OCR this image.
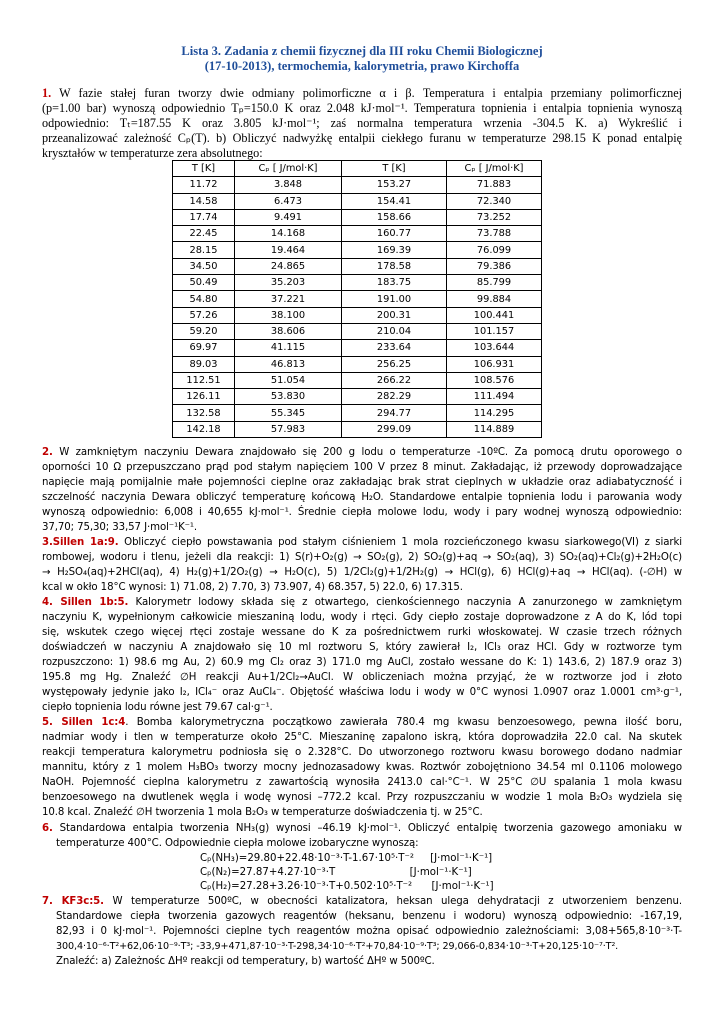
Lista 3. Zadania z chemii fizycznej dla III roku Chemii Biologicznej
(17-10-2013), termochemia, kalorymetria, prawo Kirchoffa
1. W fazie stałej furan tworzy dwie odmiany polimorficzne α i β. Temperatura i entalpia przemiany polimorficznej
(p=1.00 bar) wynoszą odpowiednio Tₚ=150.0 K oraz 2.048 kJ·mol⁻¹. Temperatura topnienia i entalpia topnienia wynoszą
odpowiednio: Tₜ=187.55 K oraz 3.805 kJ·mol⁻¹; zaś normalna temperatura wrzenia -304.5 K. a) Wykreślić i
przeanalizować zależność Cₚ(T). b) Obliczyć nadwyżkę entalpii ciekłego furanu w temperaturze 298.15 K ponad entalpię
kryształów w temperaturze zera absolutnego:
T [K]	Cₚ [ J/mol·K]	T [K]	Cₚ [ J/mol·K]
11.72	3.848	153.27	71.883
14.58	6.473	154.41	72.340
17.74	9.491	158.66	73.252
22.45	14.168	160.77	73.788
28.15	19.464	169.39	76.099
34.50	24.865	178.58	79.386
50.49	35.203	183.75	85.799
54.80	37.221	191.00	99.884
57.26	38.100	200.31	100.441
59.20	38.606	210.04	101.157
69.97	41.115	233.64	103.644
89.03	46.813	256.25	106.931
112.51	51.054	266.22	108.576
126.11	53.830	282.29	111.494
132.58	55.345	294.77	114.295
142.18	57.983	299.09	114.889
2. W zamkniętym naczyniu Dewara znajdowało się 200 g lodu o temperaturze -10ºC. Za pomocą drutu oporowego o
oporności 10 Ω przepuszczano prąd pod stałym napięciem 100 V przez 8 minut. Zakładając, iż przewody doprowadzające
napięcie mają pomijalnie małe pojemności cieplne oraz zakładając brak strat cieplnych w układzie oraz adiabatyczność i
szczelność naczynia Dewara obliczyć temperaturę końcową H₂O. Standardowe entalpie topnienia lodu i parowania wody
wynoszą odpowiednio: 6,008 i 40,655 kJ·mol⁻¹. Średnie ciepła molowe lodu, wody i pary wodnej wynoszą odpowiednio:
37,70; 75,30; 33,57 J·mol⁻¹K⁻¹.
3.Sillen 1a:9. Obliczyć ciepło powstawania pod stałym ciśnieniem 1 mola rozcieńczonego kwasu siarkowego(VI) z siarki
rombowej, wodoru i tlenu, jeżeli dla reakcji: 1) S(r)+O₂(g) → SO₂(g), 2) SO₂(g)+aq → SO₂(aq), 3) SO₂(aq)+Cl₂(g)+2H₂O(c)
→ H₂SO₄(aq)+2HCl(aq), 4) H₂(g)+1/2O₂(g) → H₂O(c), 5) 1/2Cl₂(g)+1/2H₂(g) → HCl(g), 6) HCl(g)+aq → HCl(aq). (-∅H) w
kcal w okło 18°C wynosi: 1) 71.08, 2) 7.70, 3) 73.907, 4) 68.357, 5) 22.0, 6) 17.315.
4. Sillen 1b:5. Kalorymetr lodowy składa się z otwartego, cienkościennego naczynia A zanurzonego w zamkniętym
naczyniu K, wypełnionym całkowicie mieszaniną lodu, wody i rtęci. Gdy ciepło zostaje doprowadzone z A do K, lód topi
się, wskutek czego więcej rtęci zostaje wessane do K za pośrednictwem rurki włoskowatej. W czasie trzech różnych
doświadczeń w naczyniu A znajdowało się 10 ml roztworu S, który zawierał I₂, ICl₃ oraz HCl. Gdy w roztworze tym
rozpuszczono: 1) 98.6 mg Au, 2) 60.9 mg Cl₂ oraz 3) 171.0 mg AuCl, zostało wessane do K: 1) 143.6, 2) 187.9 oraz 3)
195.8 mg Hg. Znaleźć ∅H reakcji Au+1/2Cl₂→AuCl. W obliczeniach można przyjąć, że w roztworze jod i złoto
występowały jedynie jako I₂, ICl₄⁻ oraz AuCl₄⁻. Objętość właściwa lodu i wody w 0°C wynosi 1.0907 oraz 1.0001 cm³·g⁻¹,
ciepło topnienia lodu równe jest 79.67 cal·g⁻¹.
5. Sillen 1c:4. Bomba kalorymetryczna początkowo zawierała 780.4 mg kwasu benzoesowego, pewna ilość boru,
nadmiar wody i tlen w temperaturze około 25°C. Mieszaninę zapalono iskrą, która doprowadziła 22.0 cal. Na skutek
reakcji temperatura kalorymetru podniosła się o 2.328°C. Do utworzonego roztworu kwasu borowego dodano nadmiar
mannitu, który z 1 molem H₃BO₃ tworzy mocny jednozasadowy kwas. Roztwór zobojętniono 34.54 ml 0.1106 molowego
NaOH. Pojemność cieplna kalorymetru z zawartością wynosiła 2413.0 cal·°C⁻¹. W 25°C ∅U spalania 1 mola kwasu
benzoesowego na dwutlenek węgla i wodę wynosi –772.2 kcal. Przy rozpuszczaniu w wodzie 1 mola B₂O₃ wydziela się
10.8 kcal. Znaleźć ∅H tworzenia 1 mola B₂O₃ w temperaturze doświadczenia tj. w 25°C.
6. Standardowa entalpia tworzenia NH₃(g) wynosi –46.19 kJ·mol⁻¹. Obliczyć entalpię tworzenia gazowego amoniaku w
temperaturze 400°C. Odpowiednie ciepła molowe izobaryczne wynoszą:
Cₚ(NH₃)=29.80+22.48·10⁻³·T-1.67·10⁵·T⁻²     [J·mol⁻¹·K⁻¹]
Cₚ(N₂)=27.87+4.27·10⁻³·T                       [J·mol⁻¹·K⁻¹]
Cₚ(H₂)=27.28+3.26·10⁻³·T+0.502·10⁵·T⁻²      [J·mol⁻¹·K⁻¹]
7. KF3c:5. W temperaturze 500ºC, w obecności katalizatora, heksan ulega dehydratacji z utworzeniem benzenu.
Standardowe ciepła tworzenia gazowych reagentów (heksanu, benzenu i wodoru) wynoszą odpowiednio: -167,19,
82,93 i 0 kJ·mol⁻¹. Pojemności cieplne tych reagentów można opisać odpowiednio zależnościami: 3,08+565,8·10⁻³·T-
300,4·10⁻⁶·T²+62,06·10⁻⁹·T³; -33,9+471,87·10⁻³·T-298,34·10⁻⁶·T²+70,84·10⁻⁹·T³; 29,066-0,834·10⁻³·T+20,125·10⁻⁷·T².
Znaleźć: a) Zależnośc ΔHº reakcji od temperatury, b) wartość ΔHº w 500ºC.
